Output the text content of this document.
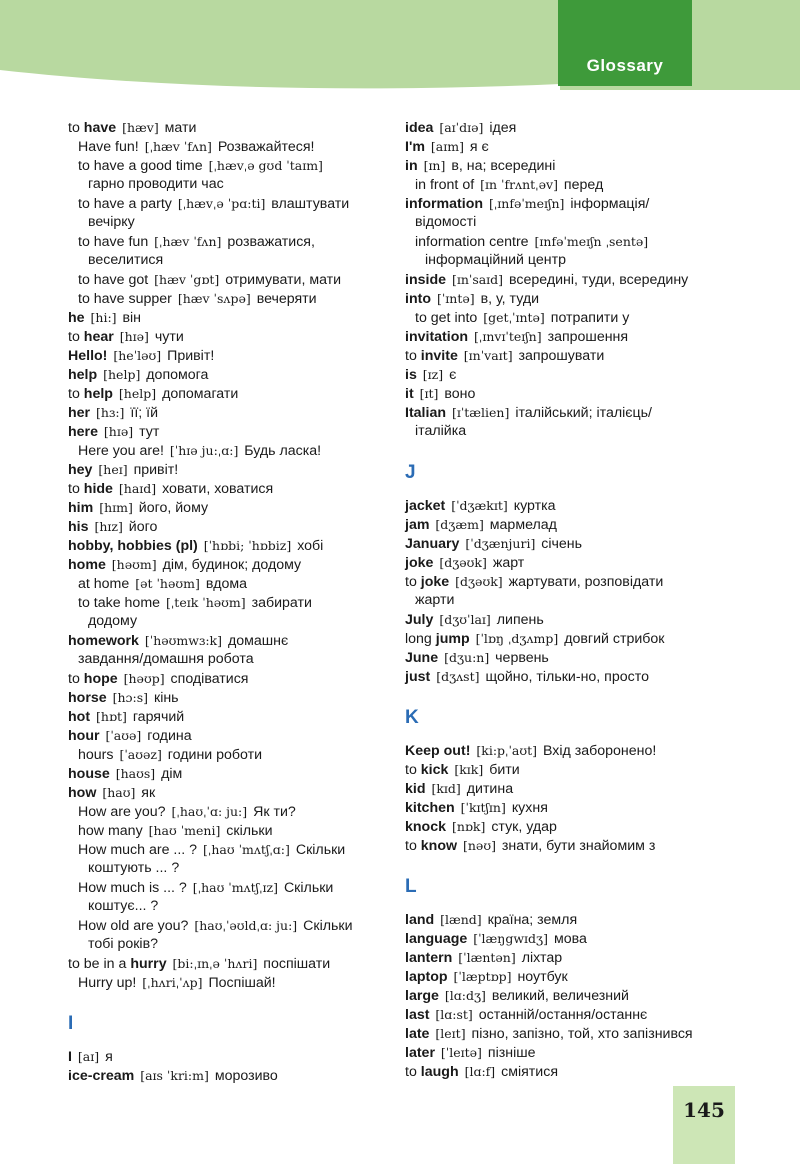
Glossary
to have [hæv] мати
Have fun! [ˌhæv ˈfʌn] Розважайтеся!
to have a good time [ˌhævˌə gʊd ˈtaɪm]
гарно проводити час
to have a party [ˌhævˌə ˈpɑ:ti] влаштувати
вечірку
to have fun [ˌhæv ˈfʌn] розважатися,
веселитися
to have got [hæv ˈgɒt] отримувати, мати
to have supper [hæv ˈsʌpə] вечеряти
he [hi:] він
to hear [hɪə] чути
Hello! [heˈləʊ] Привіт!
help [help] допомога
to help [help] допомагати
her [hɜ:] її; їй
here [hɪə] тут
Here you are! [ˈhɪə ju:ˌɑ:] Будь ласка!
hey [heɪ] привіт!
to hide [haɪd] ховати, ховатися
him [hɪm] його, йому
his [hɪz] його
hobby, hobbies (pl) [ˈhɒbi; ˈhɒbiz] хобі
home [həʊm] дім, будинок; додому
at home [ət ˈhəʊm] вдома
to take home [ˌteɪk ˈhəʊm] забирати
додому
homework [ˈhəʊmwɜ:k] домашнє
завдання/домашня робота
to hope [həʊp] сподіватися
horse [hɔ:s] кінь
hot [hɒt] гарячий
hour [ˈaʊə] година
hours [ˈaʊəz] години роботи
house [haʊs] дім
how [haʊ] як
How are you? [ˌhaʊˌˈɑ: ju:] Як ти?
how many [haʊ ˈmeni] скільки
How much are ... ? [ˌhaʊ ˈmʌtʃˌɑ:] Скільки
коштують ... ?
How much is ... ? [ˌhaʊ ˈmʌtʃˌɪz] Скільки
коштує... ?
How old are you? [haʊˌˈəʊldˌɑ: ju:] Скільки
тобі років?
to be in a hurry [bi:ˌɪnˌə ˈhʌri] поспішати
Hurry up! [ˌhʌriˌˈʌp] Поспішай!
I
I [aɪ] я
ice-cream [aɪs ˈkri:m] морозиво
idea [aɪˈdɪə] ідея
I'm [aɪm] я є
in [ɪn] в, на; всередині
in front of [ɪn ˈfrʌntˌəv] перед
information [ˌɪnfəˈmeɪʃn] інформація/
відомості
information centre [ɪnfəˈmeɪʃn ˌsentə]
інформаційний центр
inside [ɪnˈsaɪd] всередині, туди, всередину
into [ˈɪntə] в, у, туди
to get into [getˌˈɪntə] потрапити у
invitation [ˌɪnvɪˈteɪʃn] запрошення
to invite [ɪnˈvaɪt] запрошувати
is [ɪz] є
it [ɪt] воно
Italian [ɪˈtælien] італійський; італієць/
італійка
J
jacket [ˈdʒækɪt] куртка
jam [dʒæm] мармелад
January [ˈdʒænjuri] січень
joke [dʒəʊk] жарт
to joke [dʒəʊk] жартувати, розповідати
жарти
July [dʒʊˈlaɪ] липень
long jump [ˈlɒŋ ˌdʒʌmp] довгий стрибок
June [dʒu:n] червень
just [dʒʌst] щойно, тільки-но, просто
K
Keep out! [ki:pˌˈaʊt] Вхід заборонено!
to kick [kɪk] бити
kid [kɪd] дитина
kitchen [ˈkɪtʃɪn] кухня
knock [nɒk] стук, удар
to know [nəʊ] знати, бути знайомим з
L
land [lænd] країна; земля
language [ˈlæŋgwɪdʒ] мова
lantern [ˈlæntən] ліхтар
laptop [ˈlæptɒp] ноутбук
large [lɑ:dʒ] великий, величезний
last [lɑ:st] останній/остання/останнє
late [leɪt] пізно, запізно, той, хто запізнився
later [ˈleɪtə] пізніше
to laugh [lɑ:f] сміятися
145
